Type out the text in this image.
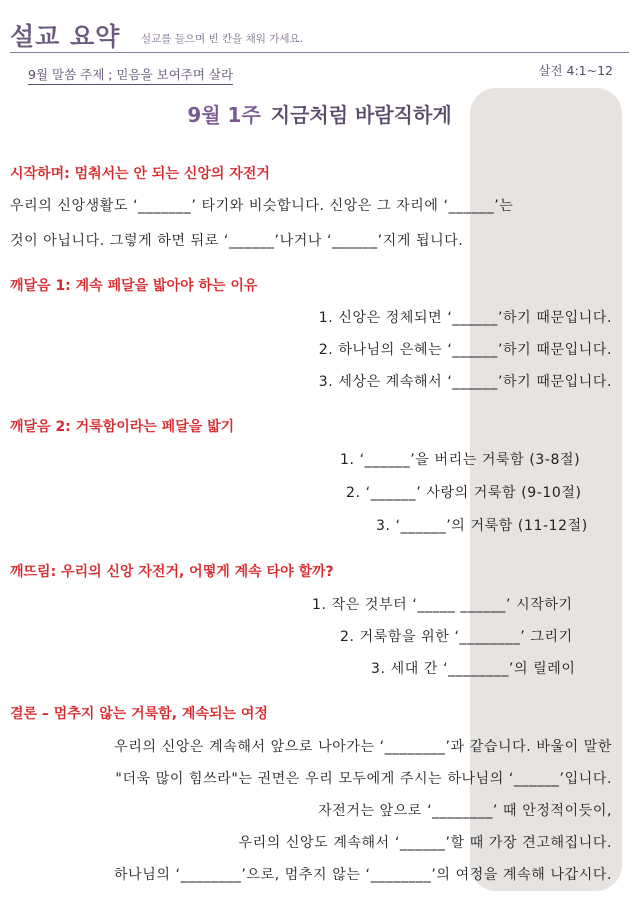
설교 요약 설교를 들으며 빈 칸을 채워 가세요.
9월 말씀 주제 ; 믿음을 보여주며 살라	살전 4:1~12
9월 1주 지금처럼 바람직하게
시작하며: 멈춰서는 안 되는 신앙의 자전거
우리의 신앙생활도 ‘_______’ 타기와 비슷합니다. 신앙은 그 자리에 ‘______’는
것이 아닙니다. 그렇게 하면 뒤로 ‘______’나거나 ‘______’지게 됩니다.
깨달음 1: 계속 페달을 밟아야 하는 이유
1. 신앙은 정체되면 ‘______’하기 때문입니다.
2. 하나님의 은혜는 ‘______’하기 때문입니다.
3. 세상은 계속해서 ‘______’하기 때문입니다.
깨달음 2: 거룩함이라는 페달을 밟기
1. ‘______’을 버리는 거룩함 (3-8절)
2. ‘______’ 사랑의 거룩함 (9-10절)
3. ‘______’의 거룩함 (11-12절)
깨뜨림: 우리의 신앙 자전거, 어떻게 계속 타야 할까?
1. 작은 것부터 ‘_____ ______’ 시작하기
2. 거룩함을 위한 ‘________’ 그리기
3. 세대 간 ‘________’의 릴레이
결론 – 멈추지 않는 거룩함, 계속되는 여정
우리의 신앙은 계속해서 앞으로 나아가는 ‘________’과 같습니다. 바울이 말한
"더욱 많이 힘쓰라"는 권면은 우리 모두에게 주시는 하나님의 ‘______’입니다.
자전거는 앞으로 ‘________’ 때 안정적이듯이,
우리의 신앙도 계속해서 ‘______’할 때 가장 견고해집니다.
하나님의 ‘________’으로, 멈추지 않는 ‘________’의 여정을 계속해 나갑시다.
